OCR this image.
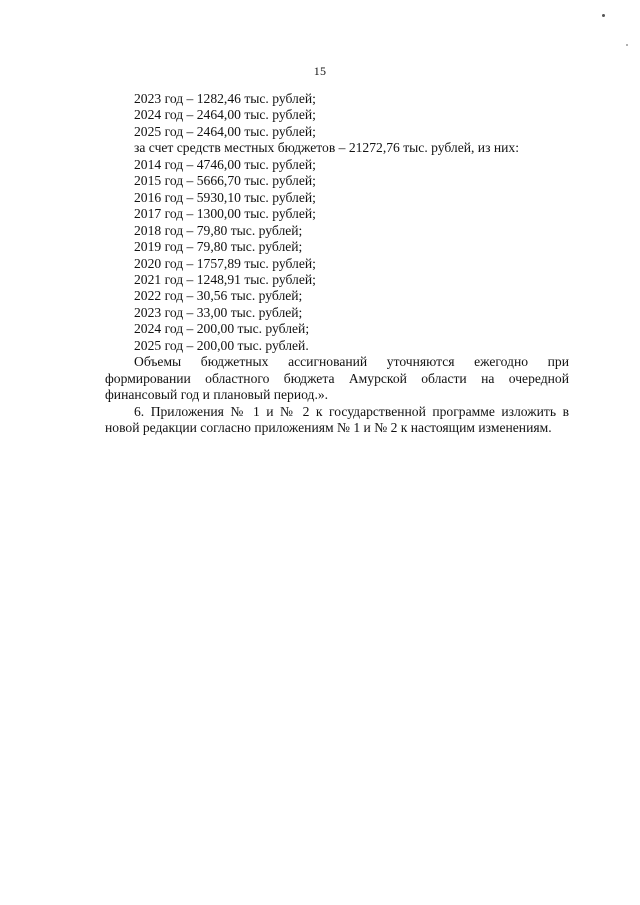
15
2023 год – 1282,46 тыс. рублей;
2024 год – 2464,00 тыс. рублей;
2025 год – 2464,00 тыс. рублей;
за счет средств местных бюджетов – 21272,76 тыс. рублей, из них:
2014 год – 4746,00 тыс. рублей;
2015 год – 5666,70 тыс. рублей;
2016 год – 5930,10 тыс. рублей;
2017 год – 1300,00 тыс. рублей;
2018 год – 79,80 тыс. рублей;
2019 год – 79,80 тыс. рублей;
2020 год – 1757,89 тыс. рублей;
2021 год – 1248,91 тыс. рублей;
2022 год – 30,56 тыс. рублей;
2023 год – 33,00 тыс. рублей;
2024 год – 200,00 тыс. рублей;
2025 год – 200,00 тыс. рублей.
Объемы бюджетных ассигнований уточняются ежегодно при
формировании областного бюджета Амурской области на очередной
финансовый год и плановый период.».
6. Приложения № 1 и № 2 к государственной программе изложить в
новой редакции согласно приложениям № 1 и № 2 к настоящим изменениям.
